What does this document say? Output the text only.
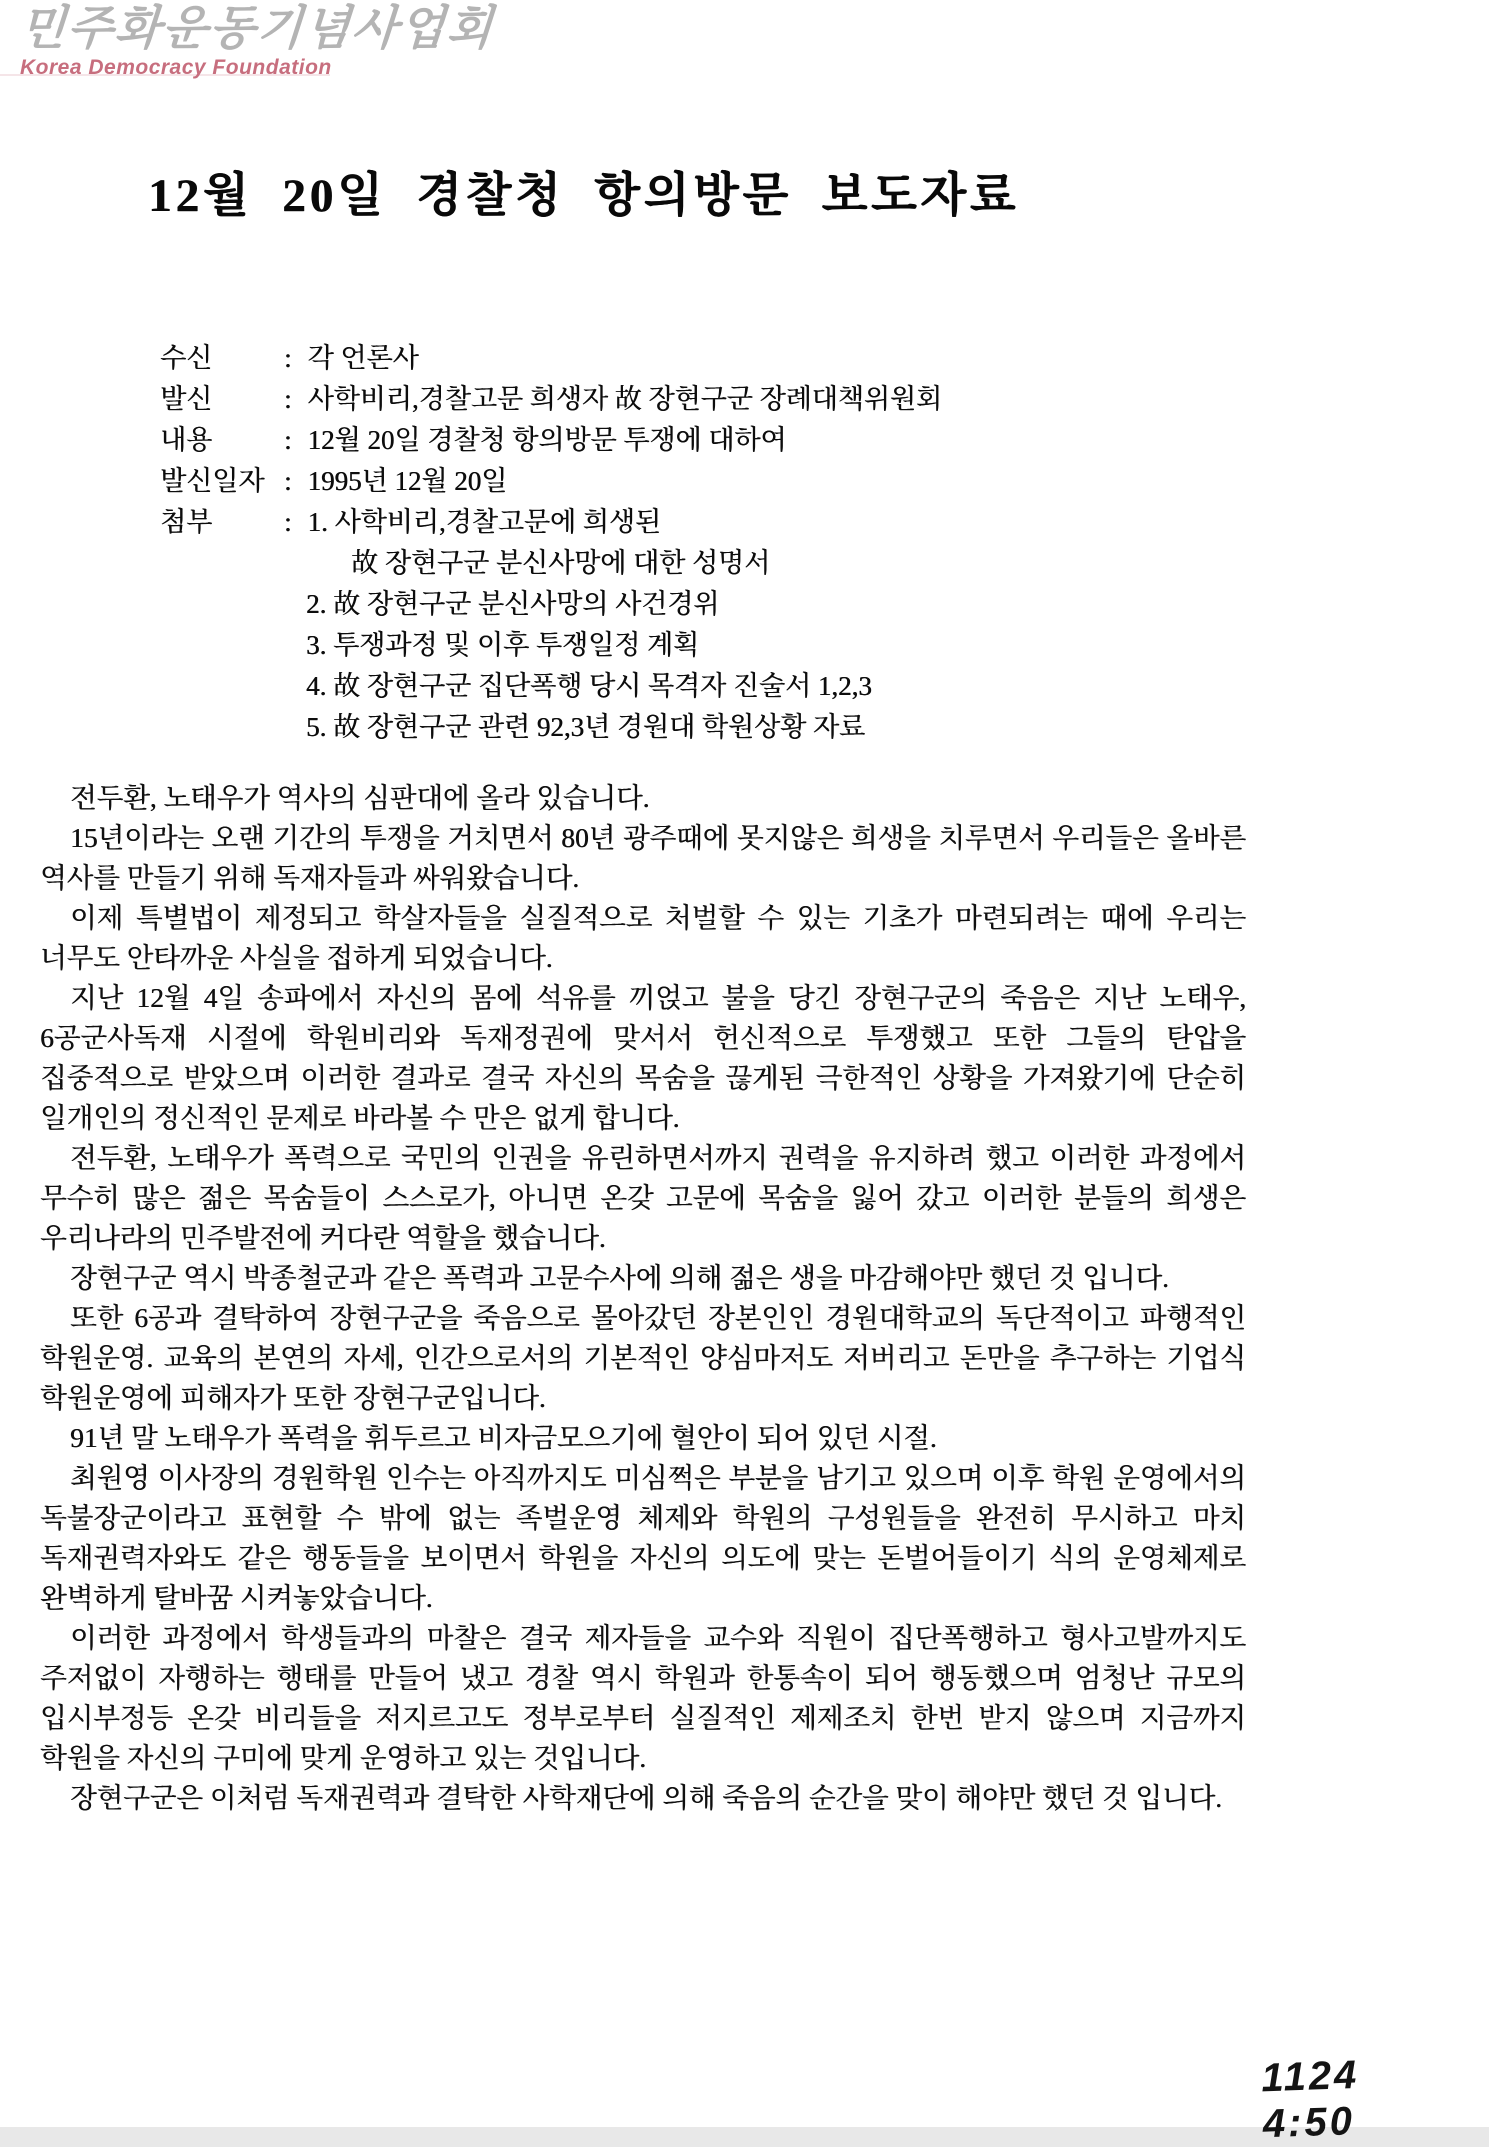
민주화운동기념사업회
Korea Democracy Foundation
12월 20일 경찰청 항의방문 보도자료
수신	: 각 언론사
발신	: 사학비리,경찰고문 희생자 故 장현구군 장례대책위원회
내용	: 12월 20일 경찰청 항의방문 투쟁에 대하여
발신일자 : 1995년 12월 20일
첨부	: 1. 사학비리,경찰고문에 희생된
故 장현구군 분신사망에 대한 성명서
2. 故 장현구군 분신사망의 사건경위
3. 투쟁과정 및 이후 투쟁일정 계획
4. 故 장현구군 집단폭행 당시 목격자 진술서 1,2,3
5. 故 장현구군 관련 92,3년 경원대 학원상황 자료

전두환, 노태우가 역사의 심판대에 올라 있습니다.

15년이라는 오랜 기간의 투쟁을 거치면서 80년 광주때에 못지않은 희생을 치루면서 우리들은 올바른 역사를 만들기 위해 독재자들과 싸워왔습니다.

이제 특별법이 제정되고 학살자들을 실질적으로 처벌할 수 있는 기초가 마련되려는 때에 우리는 너무도 안타까운 사실을 접하게 되었습니다.

지난 12월 4일 송파에서 자신의 몸에 석유를 끼얹고 불을 당긴 장현구군의 죽음은 지난 노태우, 6공군사독재 시절에 학원비리와 독재정권에 맞서서 헌신적으로 투쟁했고 또한 그들의 탄압을 집중적으로 받았으며 이러한 결과로 결국 자신의 목숨을 끊게된 극한적인 상황을 가져왔기에 단순히 일개인의 정신적인 문제로 바라볼 수 만은 없게 합니다.

전두환, 노태우가 폭력으로 국민의 인권을 유린하면서까지 권력을 유지하려 했고 이러한 과정에서 무수히 많은 젊은 목숨들이 스스로가, 아니면 온갖 고문에 목숨을 잃어 갔고 이러한 분들의 희생은 우리나라의 민주발전에 커다란 역할을 했습니다.

장현구군 역시 박종철군과 같은 폭력과 고문수사에 의해 젊은 생을 마감해야만 했던 것 입니다.

또한 6공과 결탁하여 장현구군을 죽음으로 몰아갔던 장본인인 경원대학교의 독단적이고 파행적인 학원운영. 교육의 본연의 자세, 인간으로서의 기본적인 양심마저도 저버리고 돈만을 추구하는 기업식 학원운영에 피해자가 또한 장현구군입니다.

91년 말 노태우가 폭력을 휘두르고 비자금모으기에 혈안이 되어 있던 시절.

최원영 이사장의 경원학원 인수는 아직까지도 미심쩍은 부분을 남기고 있으며 이후 학원 운영에서의 독불장군이라고 표현할 수 밖에 없는 족벌운영 체제와 학원의 구성원들을 완전히 무시하고 마치 독재권력자와도 같은 행동들을 보이면서 학원을 자신의 의도에 맞는 돈벌어들이기 식의 운영체제로 완벽하게 탈바꿈 시켜놓았습니다.

이러한 과정에서 학생들과의 마찰은 결국 제자들을 교수와 직원이 집단폭행하고 형사고발까지도 주저없이 자행하는 행태를 만들어 냈고 경찰 역시 학원과 한통속이 되어 행동했으며 엄청난 규모의 입시부정등 온갖 비리들을 저지르고도 정부로부터 실질적인 제제조치 한번 받지 않으며 지금까지 학원을 자신의 구미에 맞게 운영하고 있는 것입니다.

장현구군은 이처럼 독재권력과 결탁한 사학재단에 의해 죽음의 순간을 맞이 해야만 했던 것 입니다.

1124 4:50
